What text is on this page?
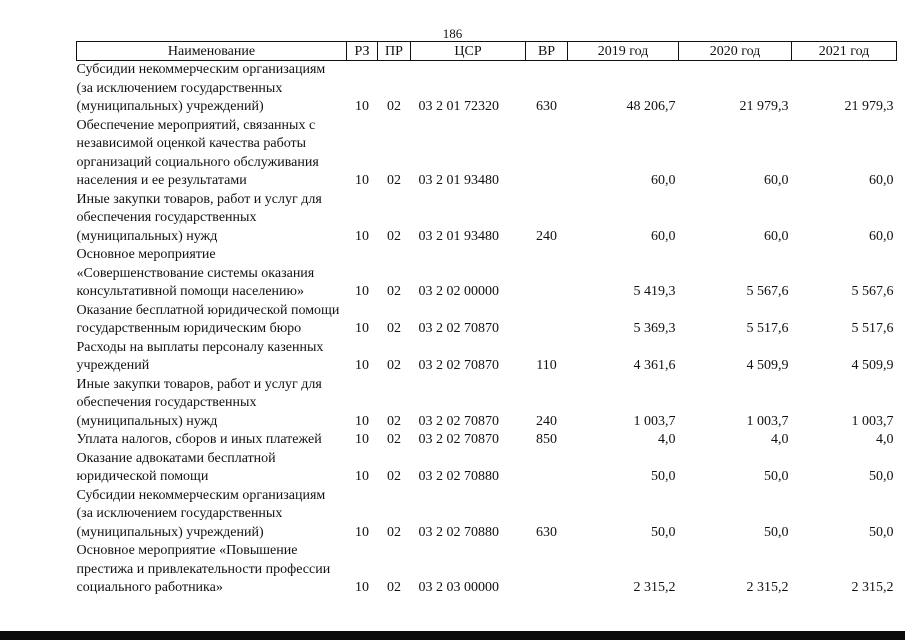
186
Наименование	РЗ	ПР	ЦСР	ВР	2019 год	2020 год	2021 год
Субсидии некоммерческим организациям (за исключением государственных (муниципальных) учреждений)	10	02	03 2 01 72320	630	48 206,7	21 979,3	21 979,3
Обеспечение мероприятий, связанных с независимой оценкой качества работы организаций социального обслуживания населения и ее результатами	10	02	03 2 01 93480		60,0	60,0	60,0
Иные закупки товаров, работ и услуг для обеспечения государственных (муниципальных) нужд	10	02	03 2 01 93480	240	60,0	60,0	60,0
Основное мероприятие «Совершенствование системы оказания консультативной помощи населению»	10	02	03 2 02 00000		5 419,3	5 567,6	5 567,6
Оказание бесплатной юридической помощи государственным юридическим бюро	10	02	03 2 02 70870		5 369,3	5 517,6	5 517,6
Расходы на выплаты персоналу казенных учреждений	10	02	03 2 02 70870	110	4 361,6	4 509,9	4 509,9
Иные закупки товаров, работ и услуг для обеспечения государственных (муниципальных) нужд	10	02	03 2 02 70870	240	1 003,7	1 003,7	1 003,7
Уплата налогов, сборов и иных платежей	10	02	03 2 02 70870	850	4,0	4,0	4,0
Оказание адвокатами бесплатной юридической помощи	10	02	03 2 02 70880		50,0	50,0	50,0
Субсидии некоммерческим организациям (за исключением государственных (муниципальных) учреждений)	10	02	03 2 02 70880	630	50,0	50,0	50,0
Основное мероприятие «Повышение престижа и привлекательности профессии социального работника»	10	02	03 2 03 00000		2 315,2	2 315,2	2 315,2
